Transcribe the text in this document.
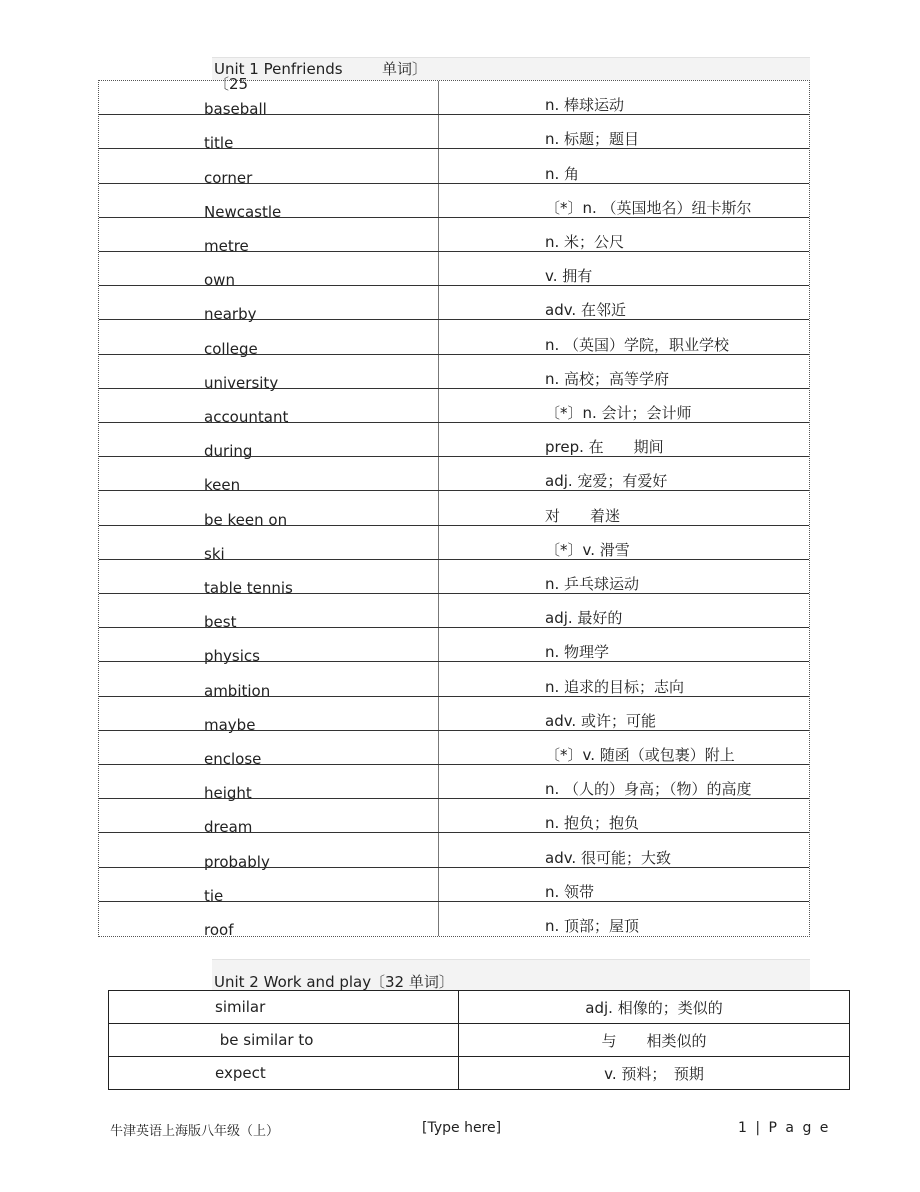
Unit 1 Penfriends	单词〕
〔25
baseball	n. 棒球运动
title	n. 标题；题目
corner	n. 角
Newcastle	〔*〕n. （英国地名）纽卡斯尔
metre	n. 米；公尺
own	v. 拥有
nearby	adv. 在邻近
college	n. （英国）学院，职业学校
university	n. 高校；高等学府
accountant	〔*〕n. 会计；会计师
during	prep. 在　　期间
keen	adj. 宠爱；有爱好
be keen on	对　　着迷
ski	〔*〕v. 滑雪
table tennis	n. 乒乓球运动
best	adj. 最好的
physics	n. 物理学
ambition	n. 追求的目标；志向
maybe	adv. 或许；可能
enclose	〔*〕v. 随函（或包裹）附上
height	n. （人的）身高；（物）的高度
dream	n. 抱负；抱负
probably	adv. 很可能；大致
tie	n. 领带
roof	n. 顶部；屋顶
Unit 2 Work and play
〔32 单词〕
similar	adj. 相像的；类似的
be similar to	与　　相类似的
expect	v. 预料；　预期
牛津英语上海版八年级（上）	[Type here]	1 | P a g e
